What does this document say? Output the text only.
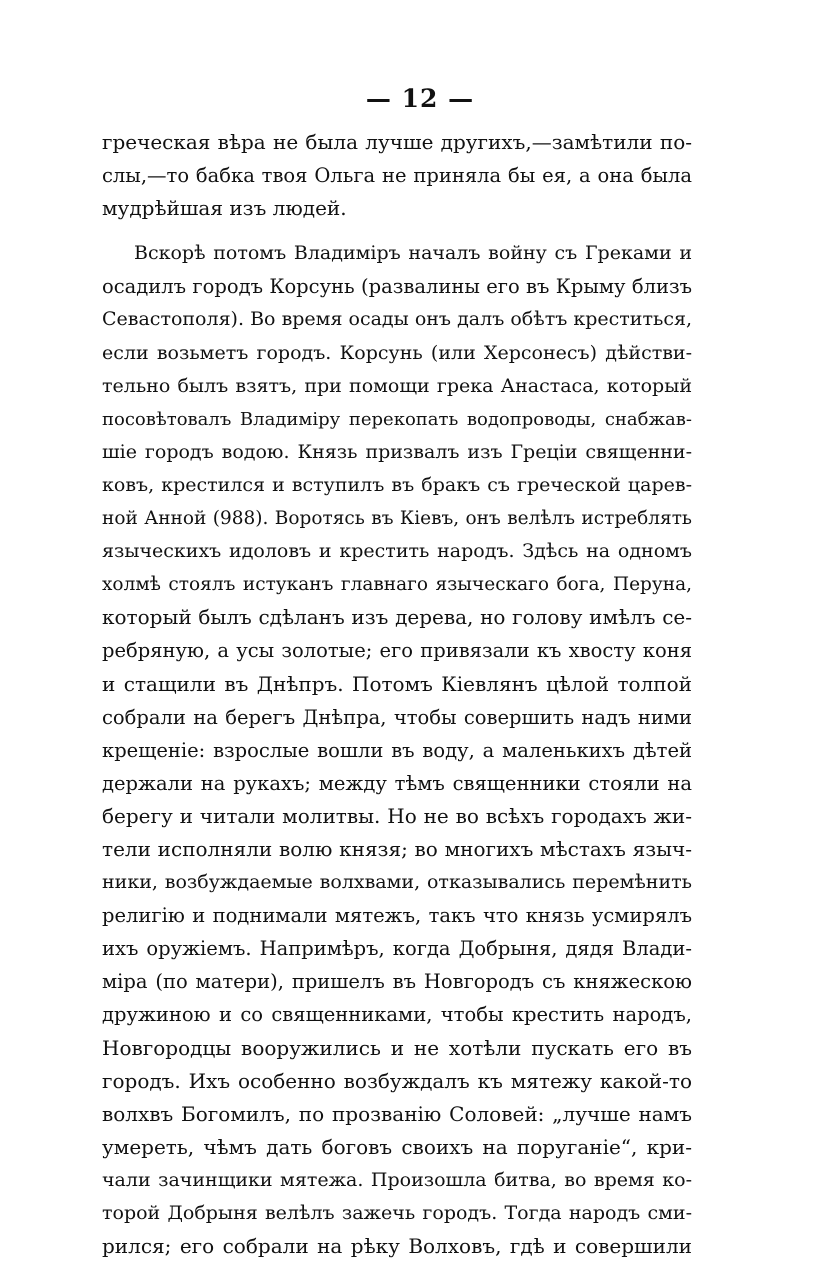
— 12 —
греческая вѣра не была лучше другихъ,—замѣтили по-
слы,—то бабка твоя Ольга не приняла бы ея, а она была
мудрѣйшая изъ людей.
Вскорѣ потомъ Владиміръ началъ войну съ Греками и
осадилъ городъ Корсунь (развалины его въ Крыму близъ
Севастополя). Во время осады онъ далъ обѣтъ креститься,
если возьметъ городъ. Корсунь (или Херсонесъ) дѣйстви-
тельно былъ взятъ, при помощи грека Анастаса, который
посовѣтовалъ Владиміру перекопать водопроводы, снабжав-
шіе городъ водою. Князь призвалъ изъ Греціи священни-
ковъ, крестился и вступилъ въ бракъ съ греческой царев-
ной Анной (988). Воротясь въ Кіевъ, онъ велѣлъ истреблять
языческихъ идоловъ и крестить народъ. Здѣсь на одномъ
холмѣ стоялъ истуканъ главнаго языческаго бога, Перуна,
который былъ сдѣланъ изъ дерева, но голову имѣлъ се-
ребряную, а усы золотые; его привязали къ хвосту коня
и стащили въ Днѣпръ. Потомъ Кіевлянъ цѣлой толпой
собрали на берегъ Днѣпра, чтобы совершить надъ ними
крещеніе: взрослые вошли въ воду, а маленькихъ дѣтей
держали на рукахъ; между тѣмъ священники стояли на
берегу и читали молитвы. Но не во всѣхъ городахъ жи-
тели исполняли волю князя; во многихъ мѣстахъ языч-
ники, возбуждаемые волхвами, отказывались перемѣнить
религію и поднимали мятежъ, такъ что князь усмирялъ
ихъ оружіемъ. Напримѣръ, когда Добрыня, дядя Влади-
міра (по матери), пришелъ въ Новгородъ съ княжескою
дружиною и со священниками, чтобы крестить народъ,
Новгородцы вооружились и не хотѣли пускать его въ
городъ. Ихъ особенно возбуждалъ къ мятежу какой-то
волхвъ Богомилъ, по прозванію Соловей: „лучше намъ
умереть, чѣмъ дать боговъ своихъ на поруганіе“, кри-
чали зачинщики мятежа. Произошла битва, во время ко-
торой Добрыня велѣлъ зажечь городъ. Тогда народъ сми-
рился; его собрали на рѣку Волховъ, гдѣ и совершили
